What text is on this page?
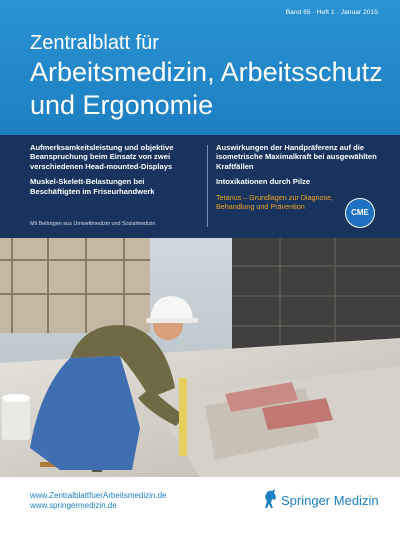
Band 65 · Heft 1 · Januar 2015
Zentralblatt für
Arbeitsmedizin, Arbeitsschutz
und Ergonomie
Aufmerksamkeitsleistung und objektive Beanspruchung beim Einsatz von zwei verschiedenen Head-mounted-Displays
Muskel-Skelett-Belastungen bei Beschäftigten im Friseurhandwerk
Mit Beiträgen aus Umweltmedizin und Sozialmedizin
Auswirkungen der Handpräferenz auf die isometrische Maximalkraft bei ausgewählten Kraftfällen
Intoxikationen durch Pilze
Tetanus – Grundlagen zur Diagnose, Behandlung und Prävention
CME
www.ZentralblattfuerArbeitsmedizin.de
www.springermedizin.de	Springer Medizin
